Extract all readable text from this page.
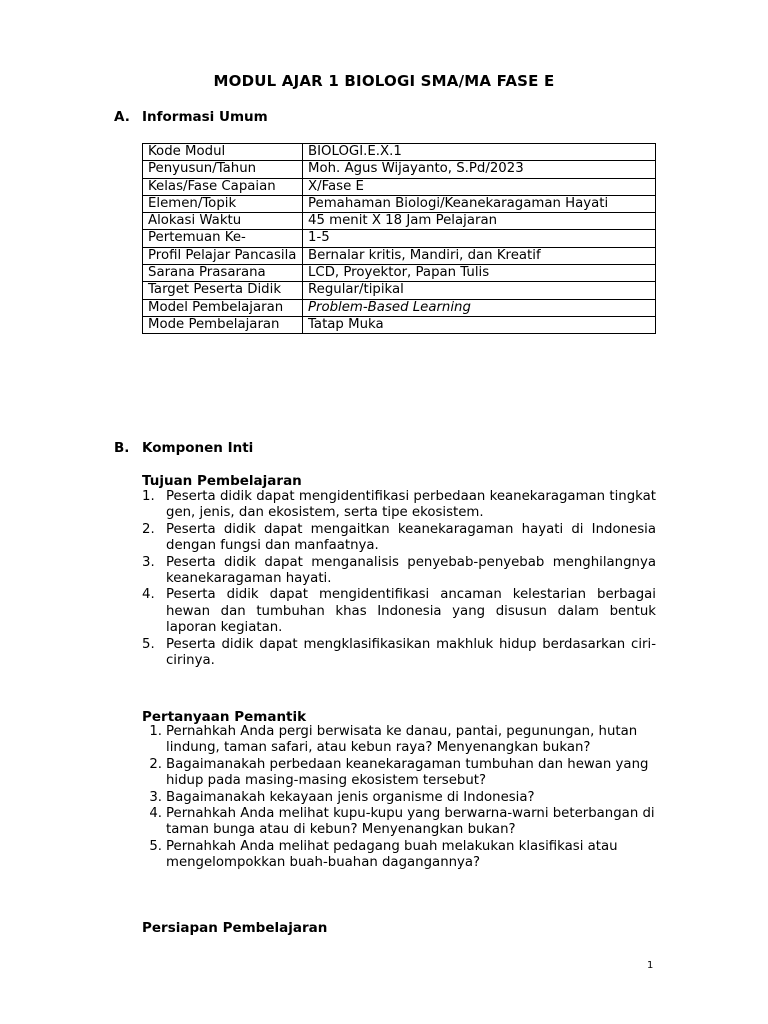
MODUL AJAR 1 BIOLOGI SMA/MA FASE E
A. Informasi Umum
Kode Modul	BIOLOGI.E.X.1
Penyusun/Tahun	Moh. Agus Wijayanto, S.Pd/2023
Kelas/Fase Capaian	X/Fase E
Elemen/Topik	Pemahaman Biologi/Keanekaragaman Hayati
Alokasi Waktu	45 menit X 18 Jam Pelajaran
Pertemuan Ke-	1-5
Profil Pelajar Pancasila	Bernalar kritis, Mandiri, dan Kreatif
Sarana Prasarana	LCD, Proyektor, Papan Tulis
Target Peserta Didik	Regular/tipikal
Model Pembelajaran	Problem-Based Learning
Mode Pembelajaran	Tatap Muka
B. Komponen Inti
Tujuan Pembelajaran
1. Peserta didik dapat mengidentifikasi perbedaan keanekaragaman tingkat gen, jenis, dan ekosistem, serta tipe ekosistem.
2. Peserta didik dapat mengaitkan keanekaragaman hayati di Indonesia dengan fungsi dan manfaatnya.
3. Peserta didik dapat menganalisis penyebab-penyebab menghilangnya keanekaragaman hayati.
4. Peserta didik dapat mengidentifikasi ancaman kelestarian berbagai hewan dan tumbuhan khas Indonesia yang disusun dalam bentuk laporan kegiatan.
5. Peserta didik dapat mengklasifikasikan makhluk hidup berdasarkan ciri-cirinya.
Pertanyaan Pemantik
1. Pernahkah Anda pergi berwisata ke danau, pantai, pegunungan, hutan lindung, taman safari, atau kebun raya? Menyenangkan bukan?
2. Bagaimanakah perbedaan keanekaragaman tumbuhan dan hewan yang hidup pada masing-masing ekosistem tersebut?
3. Bagaimanakah kekayaan jenis organisme di Indonesia?
4. Pernahkah Anda melihat kupu-kupu yang berwarna-warni beterbangan di taman bunga atau di kebun? Menyenangkan bukan?
5. Pernahkah Anda melihat pedagang buah melakukan klasifikasi atau mengelompokkan buah-buahan dagangannya?
Persiapan Pembelajaran
1
